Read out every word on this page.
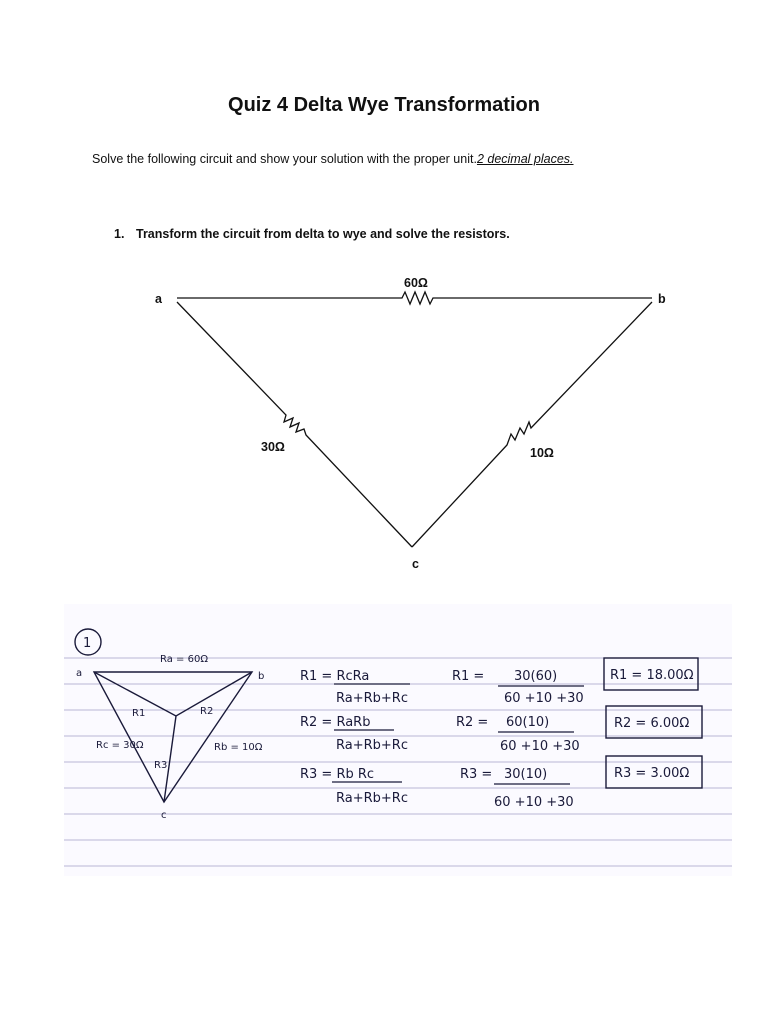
Quiz 4 Delta Wye Transformation
Solve the following circuit and show your solution with the proper unit.2 decimal places.
1. Transform the circuit from delta to wye and solve the resistors.
a	b
c
60Ω
30Ω	10Ω
1
a	b
c
Ra = 60Ω
Rb = 10Ω
Rc = 30Ω
R1	R2
R3
R1 = RcRa
Ra+Rb+Rc
R1 = 30(60)
60 +10 +30
R1 = 18.00Ω
R2 = RaRb
Ra+Rb+Rc
R2 = 60(10)
60 +10 +30
R2 = 6.00Ω
R3 = Rb Rc
Ra+Rb+Rc
R3 = 30(10)
60 +10 +30
R3 = 3.00Ω
